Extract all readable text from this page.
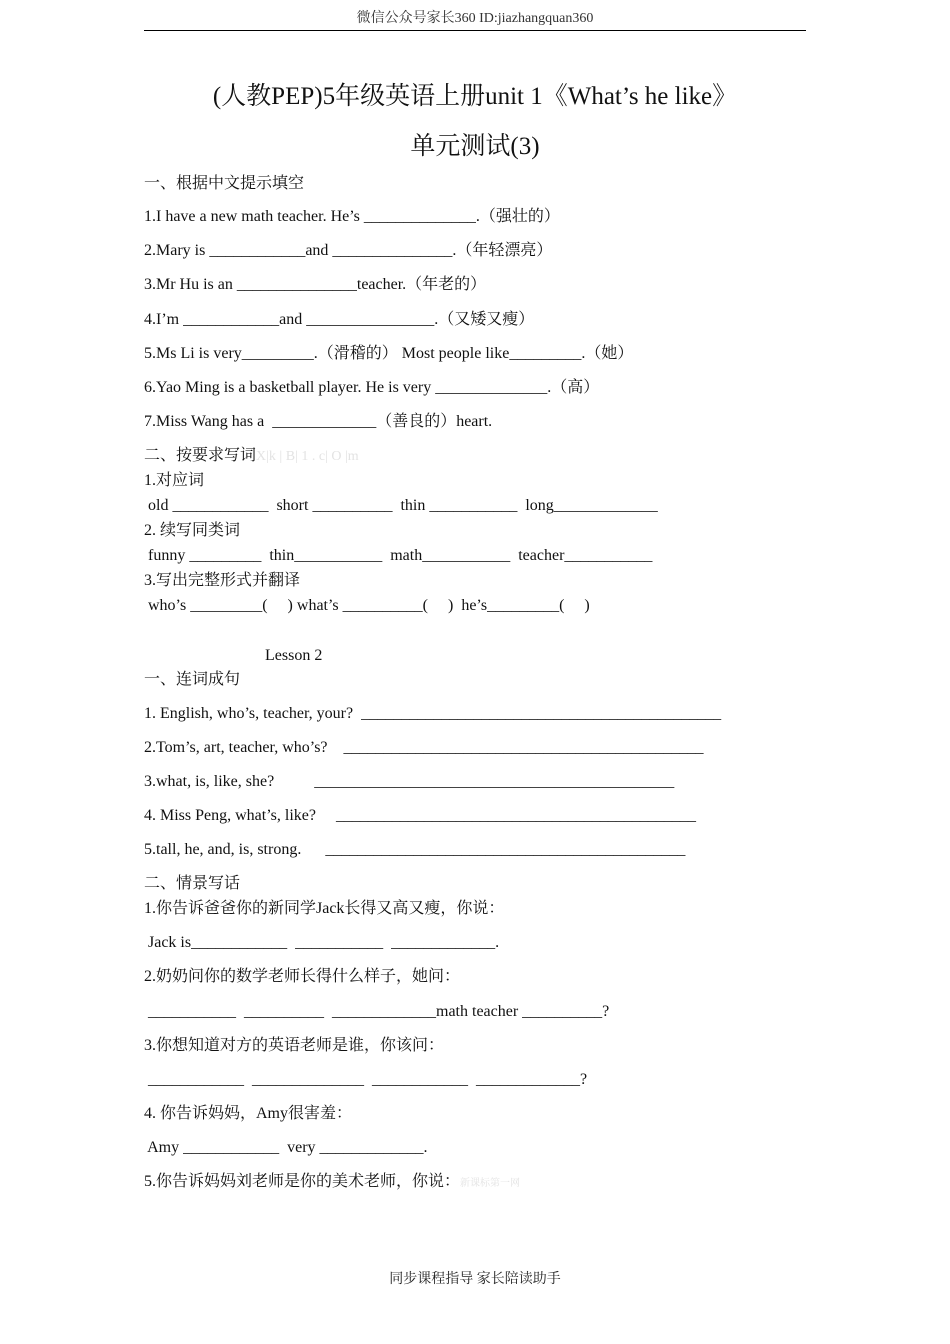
微信公众号家长360 ID:jiazhangquan360
(人教PEP)5年级英语上册unit 1《What’s he like》
单元测试(3)
一、根据中文提示填空
1.I have a new math teacher. He’s ______________.（强壮的）
2.Mary is ____________and _______________.（年轻漂亮）
3.Mr Hu is an _______________teacher.（年老的）
4.I’m ____________and ________________.（又矮又瘦）
5.Ms Li is very_________.（滑稽的） Most people like_________.（她）
6.Yao Ming is a basketball player. He is very ______________.（高）
7.Miss Wang has a  _____________（善良的）heart.
二、按要求写词X|k | B| 1 . c| O |m
1.对应词
old ____________  short __________  thin ___________  long_____________
2. 续写同类词
funny _________  thin___________  math___________  teacher___________
3.写出完整形式并翻译
who’s _________(     ) what’s __________(     )  he’s_________(     )
Lesson 2
一、连词成句
1. English, who’s, teacher, your?  _____________________________________________
2.Tom’s, art, teacher, who’s?    _____________________________________________
3.what, is, like, she?          _____________________________________________
4. Miss Peng, what’s, like?     _____________________________________________
5.tall, he, and, is, strong.      _____________________________________________
二、情景写话
1.你告诉爸爸你的新同学Jack长得又高又瘦，你说：
Jack is____________  ___________  _____________.
2.奶奶问你的数学老师长得什么样子，她问：
___________  __________  _____________math teacher __________?
3.你想知道对方的英语老师是谁，你该问：
____________  ______________  ____________  _____________?
4. 你告诉妈妈，Amy很害羞：
Amy ____________  very _____________.
5.你告诉妈妈刘老师是你的美术老师，你说：新课标第一网
同步课程指导 家长陪读助手
